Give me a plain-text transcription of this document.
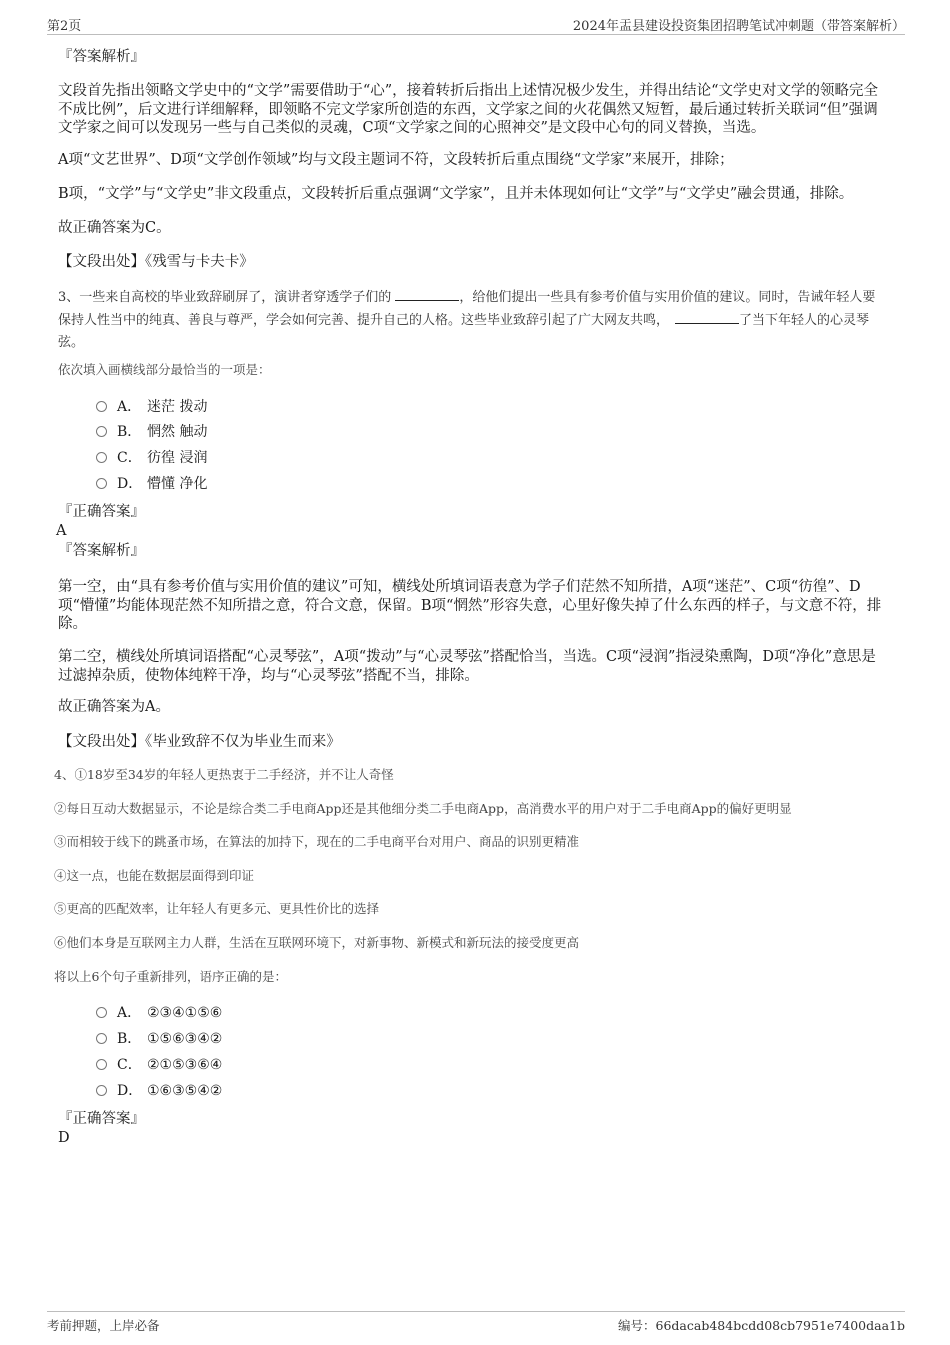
第2页	2024年盂县建设投资集团招聘笔试冲刺题（带答案解析）
『答案解析』
文段首先指出领略文学史中的“文学”需要借助于“心”，接着转折后指出上述情况极少发生，并得出结论“文学史对文学的领略完全不成比例”，后文进行详细解释，即领略不完文学家所创造的东西，文学家之间的火花偶然又短暂，最后通过转折关联词“但”强调文学家之间可以发现另一些与自己类似的灵魂，C项“文学家之间的心照神交”是文段中心句的同义替换，当选。
A项“文艺世界”、D项“文学创作领域”均与文段主题词不符，文段转折后重点围绕“文学家”来展开，排除；
B项，“文学”与“文学史”非文段重点，文段转折后重点强调“文学家”，且并未体现如何让“文学”与“文学史”融会贯通，排除。
故正确答案为C。
【文段出处】《残雪与卡夫卡》
3、一些来自高校的毕业致辞刷屏了，演讲者穿透学子们的	，给他们提出一些具有参考价值与实用价值的建议。同时，告诫年轻人要保持人性当中的纯真、善良与尊严，学会如何完善、提升自己的人格。这些毕业致辞引起了广大网友共鸣，	了当下年轻人的心灵琴弦。
依次填入画横线部分最恰当的一项是：
A． 迷茫 拨动
B． 惘然 触动
C． 彷徨 浸润
D． 懵懂 净化
『正确答案』
A
『答案解析』
第一空，由“具有参考价值与实用价值的建议”可知，横线处所填词语表意为学子们茫然不知所措，A项“迷茫”、C项“彷徨”、D项“懵懂”均能体现茫然不知所措之意，符合文意，保留。B项“惘然”形容失意，心里好像失掉了什么东西的样子，与文意不符，排除。
第二空，横线处所填词语搭配“心灵琴弦”，A项“拨动”与“心灵琴弦”搭配恰当，当选。C项“浸润”指浸染熏陶，D项“净化”意思是过滤掉杂质，使物体纯粹干净，均与“心灵琴弦”搭配不当，排除。
故正确答案为A。
【文段出处】《毕业致辞不仅为毕业生而来》
4、①18岁至34岁的年轻人更热衷于二手经济，并不让人奇怪
②每日互动大数据显示，不论是综合类二手电商App还是其他细分类二手电商App，高消费水平的用户对于二手电商App的偏好更明显
③而相较于线下的跳蚤市场，在算法的加持下，现在的二手电商平台对用户、商品的识别更精准
④这一点，也能在数据层面得到印证
⑤更高的匹配效率，让年轻人有更多元、更具性价比的选择
⑥他们本身是互联网主力人群，生活在互联网环境下，对新事物、新模式和新玩法的接受度更高
将以上6个句子重新排列，语序正确的是：
A． ②③④①⑤⑥
B． ①⑤⑥③④②
C． ②①⑤③⑥④
D． ①⑥③⑤④②
『正确答案』
D
考前押题，上岸必备	编号：66dacab484bcdd08cb7951e7400daa1b
